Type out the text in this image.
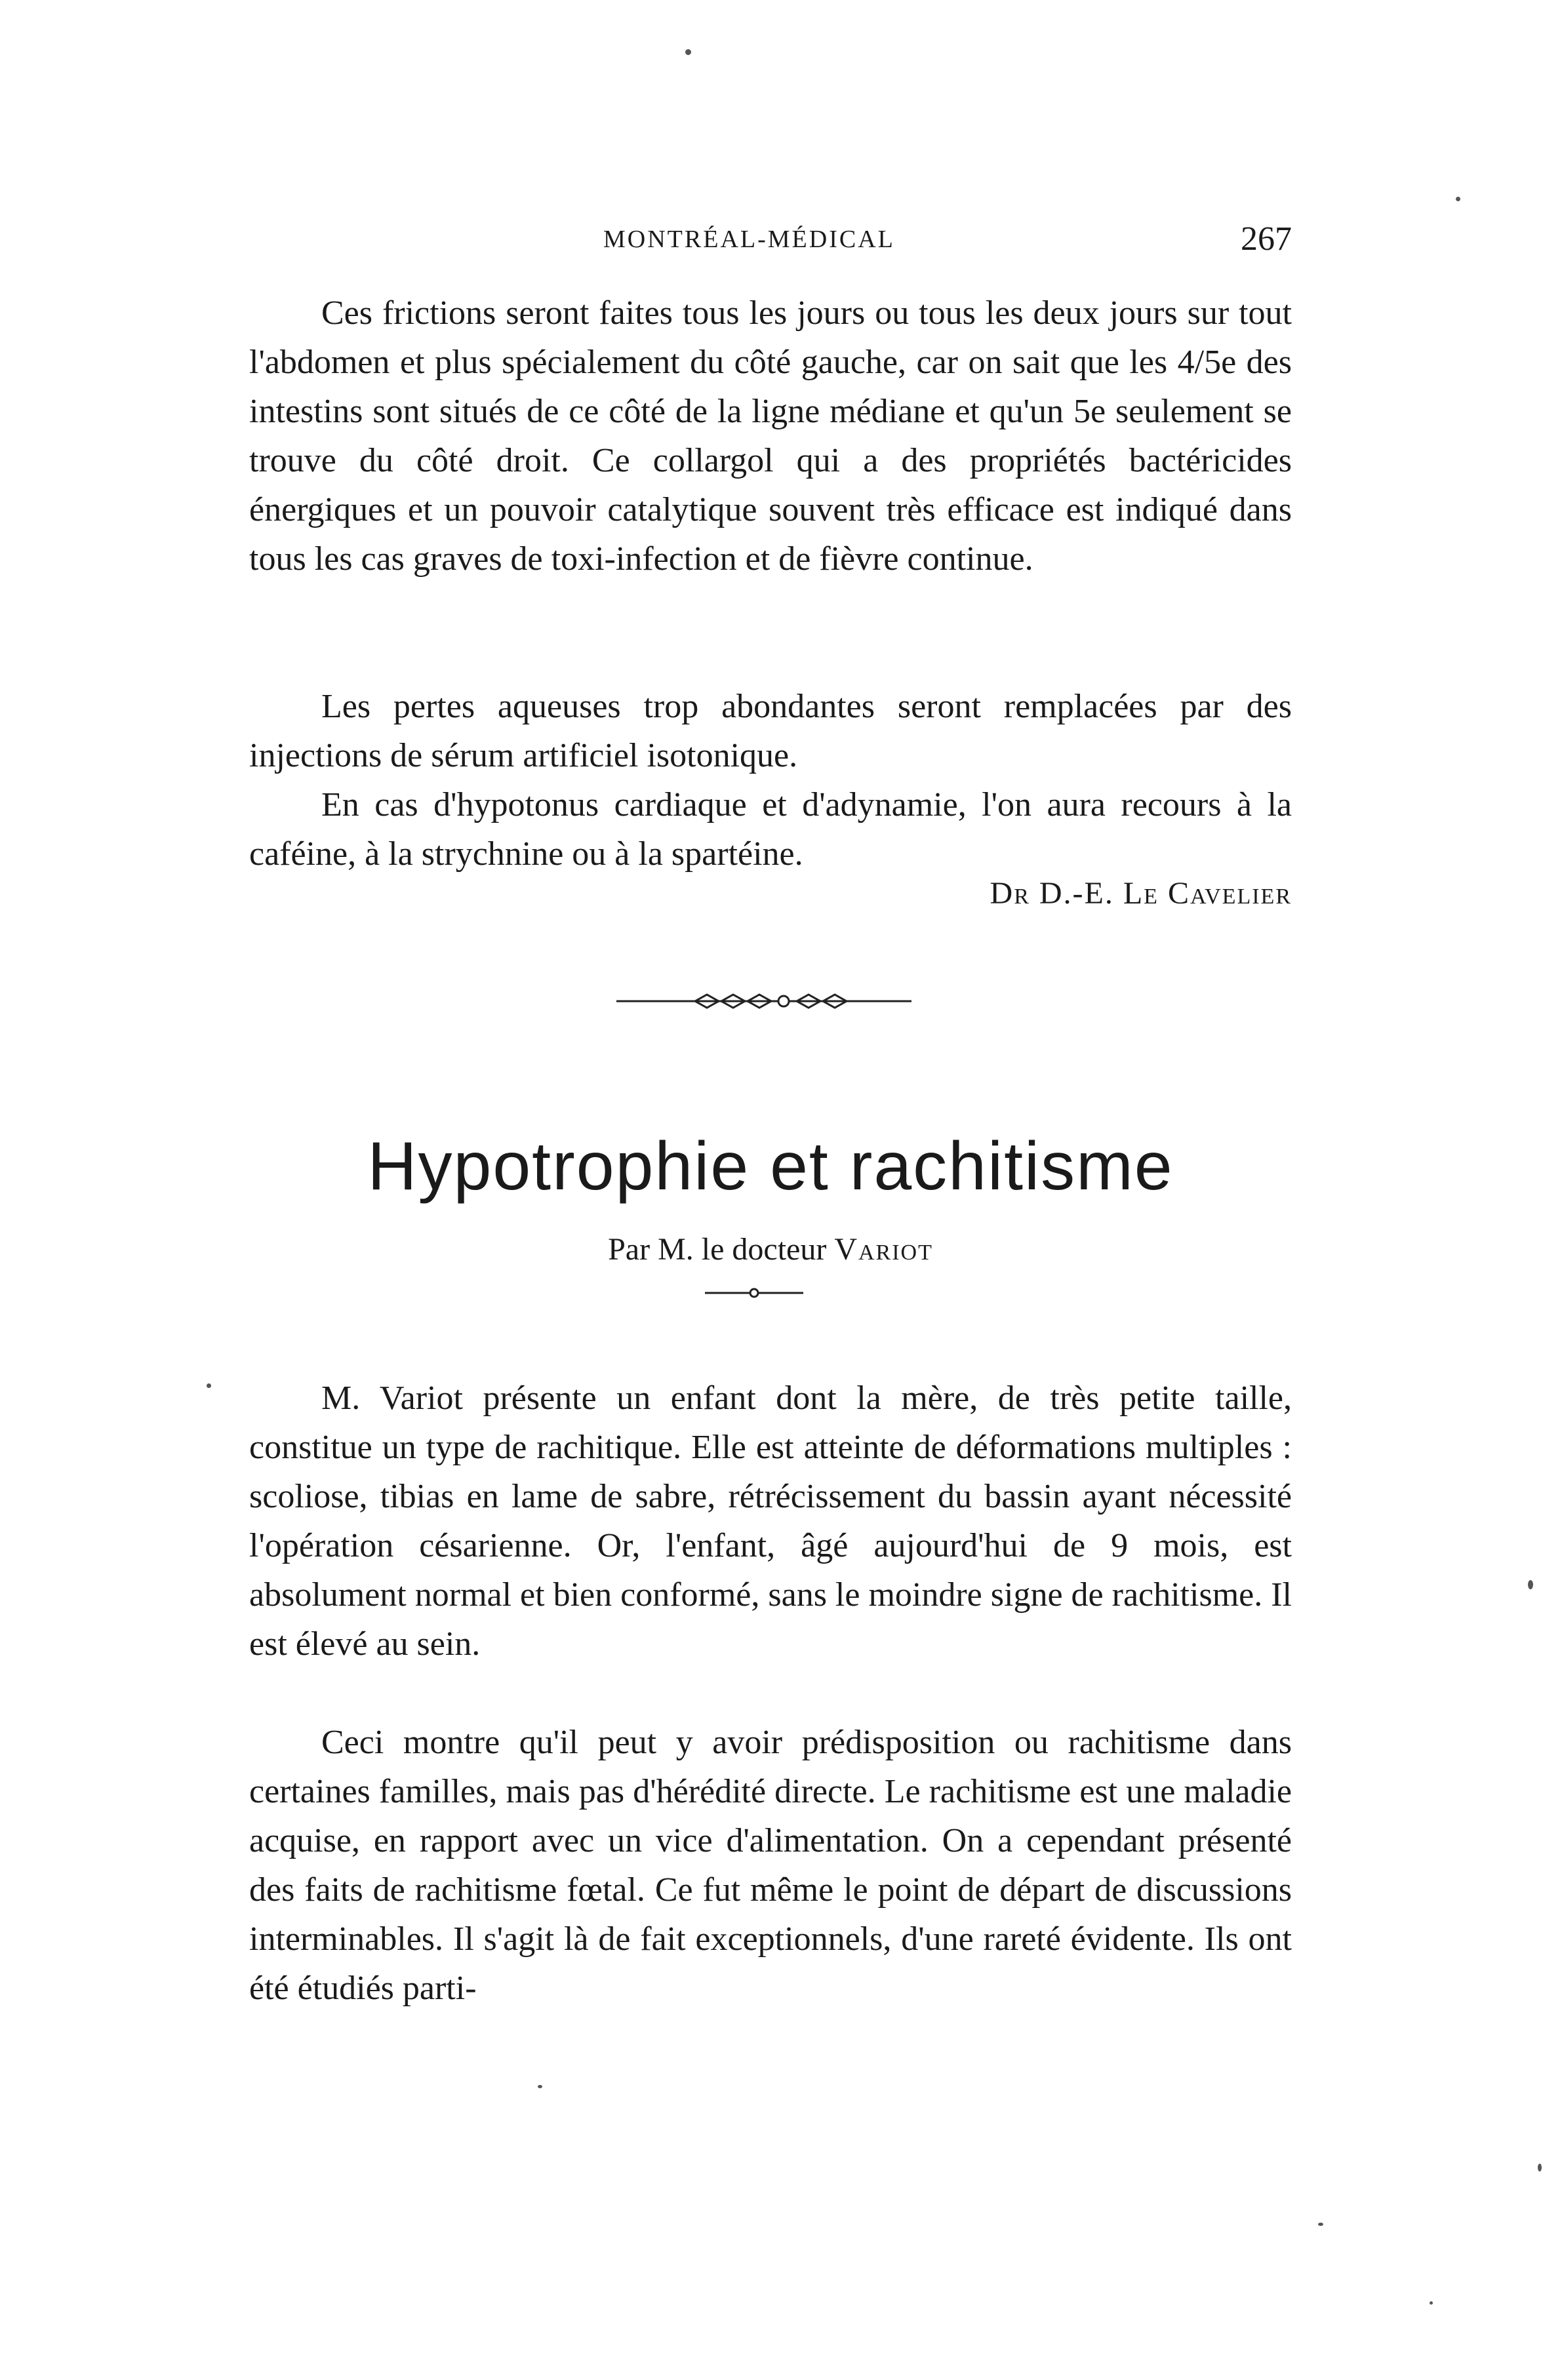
MONTRÉAL-MÉDICAL	267

Ces frictions seront faites tous les jours ou tous les deux jours sur tout l'abdomen et plus spécialement du côté gauche, car on sait que les 4/5e des intestins sont situés de ce côté de la ligne médiane et qu'un 5e seulement se trouve du côté droit. Ce collargol qui a des propriétés bactéricides énergiques et un pouvoir catalytique souvent très efficace est indiqué dans tous les cas graves de toxi-infection et de fièvre continue.

Les pertes aqueuses trop abondantes seront remplacées par des injections de sérum artificiel isotonique.

En cas d'hypotonus cardiaque et d'adynamie, l'on aura recours à la caféine, à la strychnine ou à la spartéine.

Dr D.-E. Le Cavelier
Hypotrophie et rachitisme
Par M. le docteur Variot

M. Variot présente un enfant dont la mère, de très petite taille, constitue un type de rachitique. Elle est atteinte de déformations multiples : scoliose, tibias en lame de sabre, rétrécissement du bassin ayant nécessité l'opération césarienne. Or, l'enfant, âgé aujourd'hui de 9 mois, est absolument normal et bien conformé, sans le moindre signe de rachitisme. Il est élevé au sein.

Ceci montre qu'il peut y avoir prédisposition ou rachitisme dans certaines familles, mais pas d'hérédité directe. Le rachitisme est une maladie acquise, en rapport avec un vice d'alimentation. On a cependant présenté des faits de rachitisme fœtal. Ce fut même le point de départ de discussions interminables. Il s'agit là de fait exceptionnels, d'une rareté évidente. Ils ont été étudiés parti-
